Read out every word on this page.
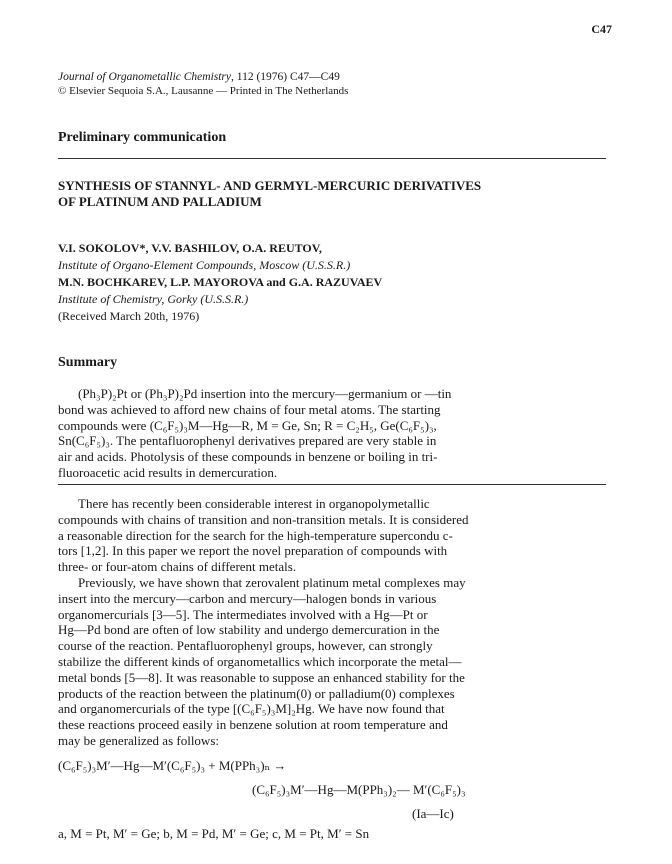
C47
Journal of Organometallic Chemistry, 112 (1976) C47—C49
© Elsevier Sequoia S.A., Lausanne — Printed in The Netherlands
Preliminary communication
SYNTHESIS OF STANNYL- AND GERMYL-MERCURIC DERIVATIVES
OF PLATINUM AND PALLADIUM
V.I. SOKOLOV*, V.V. BASHILOV, O.A. REUTOV,
Institute of Organo-Element Compounds, Moscow (U.S.S.R.)
M.N. BOCHKAREV, L.P. MAYOROVA and G.A. RAZUVAEV
Institute of Chemistry, Gorky (U.S.S.R.)
(Received March 20th, 1976)
Summary
(Ph₃P)₂Pt or (Ph₃P)₂Pd insertion into the mercury—germanium or —tin
bond was achieved to afford new chains of four metal atoms. The starting
compounds were (C₆F₅)₃M—Hg—R, M = Ge, Sn; R = C₂H₅, Ge(C₆F₅)₃,
Sn(C₆F₅)₃. The pentafluorophenyl derivatives prepared are very stable in
air and acids. Photolysis of these compounds in benzene or boiling in tri-
fluoroacetic acid results in demercuration.
There has recently been considerable interest in organopolymetallic
compounds with chains of transition and non-transition metals. It is considered
a reasonable direction for the search for the high-temperature supercondu c-
tors [1,2]. In this paper we report the novel preparation of compounds with
three- or four-atom chains of different metals.
Previously, we have shown that zerovalent platinum metal complexes may
insert into the mercury—carbon and mercury—halogen bonds in various
organomercurials [3—5]. The intermediates involved with a Hg—Pt or
Hg—Pd bond are often of low stability and undergo demercuration in the
course of the reaction. Pentafluorophenyl groups, however, can strongly
stabilize the different kinds of organometallics which incorporate the metal—
metal bonds [5—8]. It was reasonable to suppose an enhanced stability for the
products of the reaction between the platinum(0) or palladium(0) complexes
and organomercurials of the type [(C₆F₅)₃M]₂Hg. We have now found that
these reactions proceed easily in benzene solution at room temperature and
may be generalized as follows:
(C₆F₅)₃M′—Hg—M′(C₆F₅)₃ + M(PPh₃)ₙ →
(C₆F₅)₃M′—Hg—M(PPh₃)₂— M′(C₆F₅)₃
(Ia—Ic)
a, M = Pt, M′ = Ge; b, M = Pd, M′ = Ge; c, M = Pt, M′ = Sn
